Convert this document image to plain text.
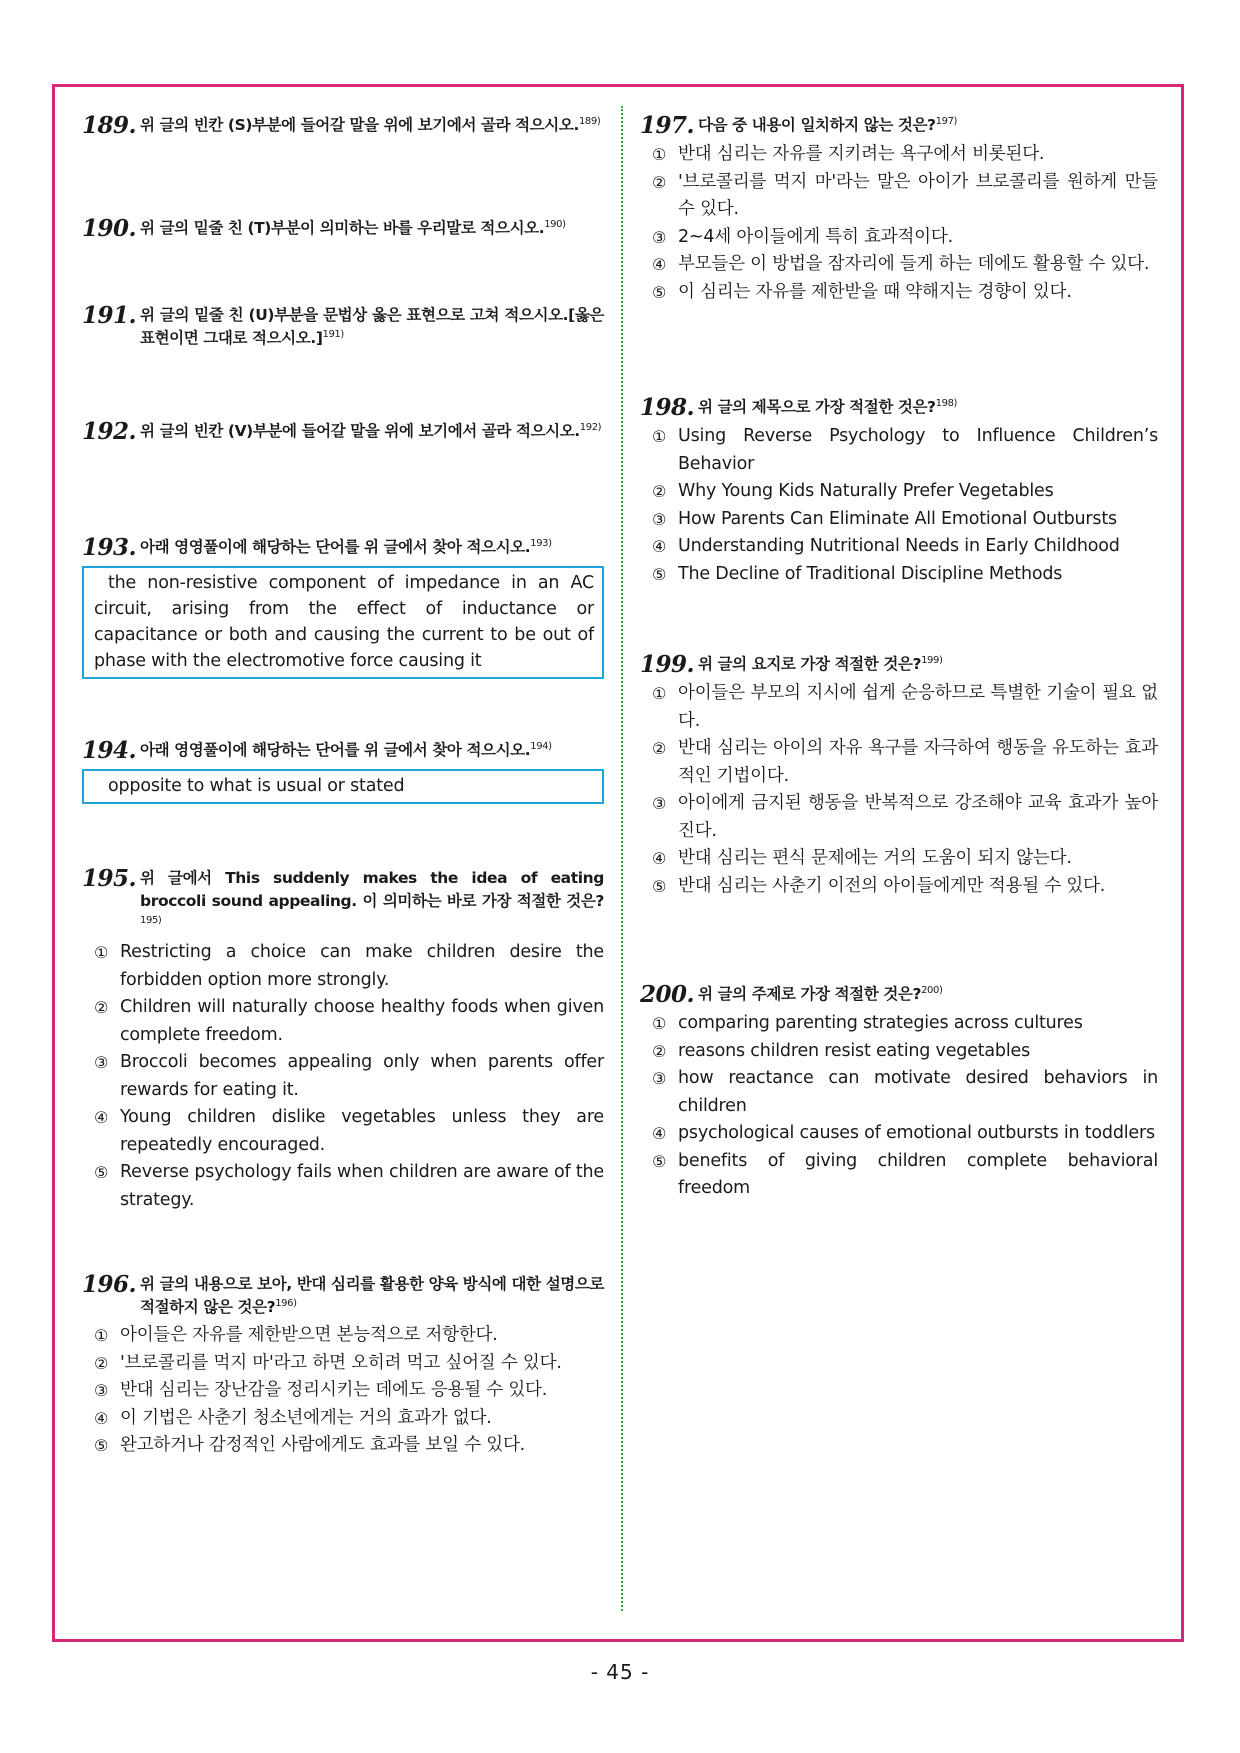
189. 위 글의 빈칸 (S)부분에 들어갈 말을 위에 보기에서 골라 적으시오.$^{189)}$
190. 위 글의 밑줄 친 (T)부분이 의미하는 바를 우리말로 적으시오.$^{190)}$
191. 위 글의 밑줄 친 (U)부분을 문법상 옳은 표현으로 고쳐 적으시오.[옳은 표현이면 그대로 적으시오.]$^{191)}$
192. 위 글의 빈칸 (V)부분에 들어갈 말을 위에 보기에서 골라 적으시오.$^{192)}$
193. 아래 영영풀이에 해당하는 단어를 위 글에서 찾아 적으시오.$^{193)}$
the non-resistive component of impedance in an AC circuit, arising from the effect of inductance or capacitance or both and causing the current to be out of phase with the electromotive force causing it
194. 아래 영영풀이에 해당하는 단어를 위 글에서 찾아 적으시오.$^{194)}$
opposite to what is usual or stated
195. 위 글에서 This suddenly makes the idea of eating broccoli sound appealing. 이 의미하는 바로 가장 적절한 것은?$^{195)}$
① Restricting a choice can make children desire the forbidden option more strongly.
② Children will naturally choose healthy foods when given complete freedom.
③ Broccoli becomes appealing only when parents offer rewards for eating it.
④ Young children dislike vegetables unless they are repeatedly encouraged.
⑤ Reverse psychology fails when children are aware of the strategy.
196. 위 글의 내용으로 보아, 반대 심리를 활용한 양육 방식에 대한 설명으로 적절하지 않은 것은?$^{196)}$
① 아이들은 자유를 제한받으면 본능적으로 저항한다.
② '브로콜리를 먹지 마'라고 하면 오히려 먹고 싶어질 수 있다.
③ 반대 심리는 장난감을 정리시키는 데에도 응용될 수 있다.
④ 이 기법은 사춘기 청소년에게는 거의 효과가 없다.
⑤ 완고하거나 감정적인 사람에게도 효과를 보일 수 있다.
197. 다음 중 내용이 일치하지 않는 것은?$^{197)}$
① 반대 심리는 자유를 지키려는 욕구에서 비롯된다.
② '브로콜리를 먹지 마'라는 말은 아이가 브로콜리를 원하게 만들 수 있다.
③ 2~4세 아이들에게 특히 효과적이다.
④ 부모들은 이 방법을 잠자리에 들게 하는 데에도 활용할 수 있다.
⑤ 이 심리는 자유를 제한받을 때 약해지는 경향이 있다.
198. 위 글의 제목으로 가장 적절한 것은?$^{198)}$
① Using Reverse Psychology to Influence Children’s Behavior
② Why Young Kids Naturally Prefer Vegetables
③ How Parents Can Eliminate All Emotional Outbursts
④ Understanding Nutritional Needs in Early Childhood
⑤ The Decline of Traditional Discipline Methods
199. 위 글의 요지로 가장 적절한 것은?$^{199)}$
① 아이들은 부모의 지시에 쉽게 순응하므로 특별한 기술이 필요 없다.
② 반대 심리는 아이의 자유 욕구를 자극하여 행동을 유도하는 효과적인 기법이다.
③ 아이에게 금지된 행동을 반복적으로 강조해야 교육 효과가 높아진다.
④ 반대 심리는 편식 문제에는 거의 도움이 되지 않는다.
⑤ 반대 심리는 사춘기 이전의 아이들에게만 적용될 수 있다.
200. 위 글의 주제로 가장 적절한 것은?$^{200)}$
① comparing parenting strategies across cultures
② reasons children resist eating vegetables
③ how reactance can motivate desired behaviors in children
④ psychological causes of emotional outbursts in toddlers
⑤ benefits of giving children complete behavioral freedom
- 45 -
